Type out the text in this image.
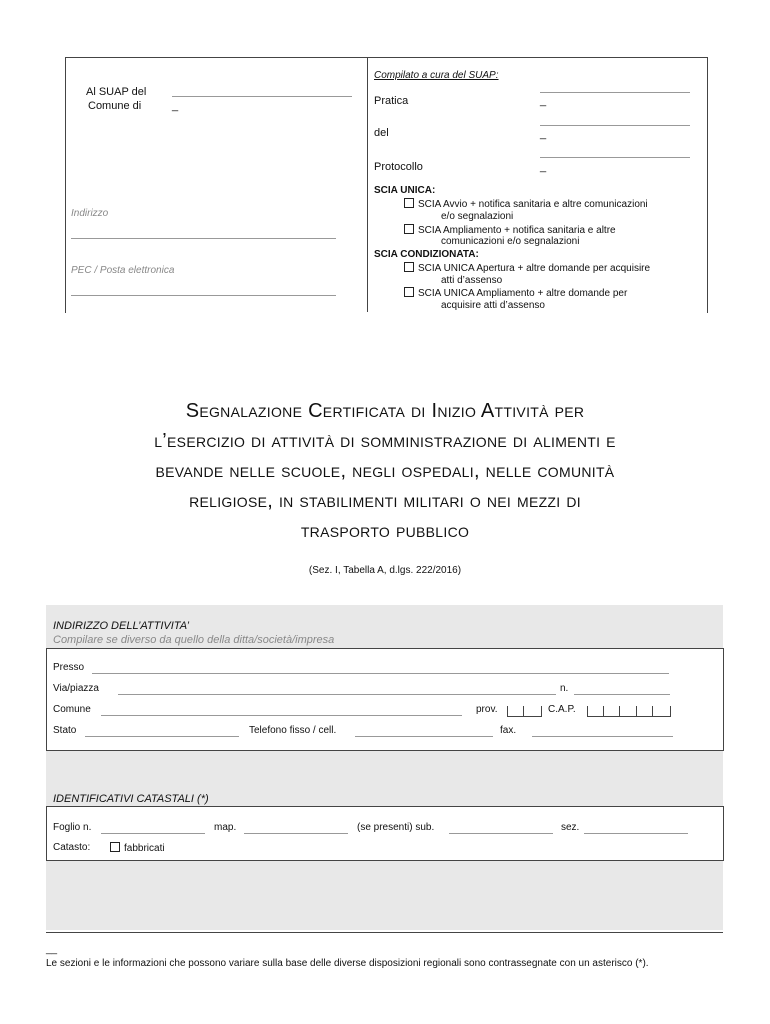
Al SUAP del
Comune di	_
Indirizzo
PEC / Posta elettronica
Compilato a cura del SUAP:
Pratica	_
del	_
Protocollo	_
SCIA UNICA:
SCIA Avvio + notifica sanitaria e altre comunicazioni
e/o segnalazioni
SCIA Ampliamento + notifica sanitaria e altre
comunicazioni e/o segnalazioni
SCIA CONDIZIONATA:
SCIA UNICA Apertura + altre domande per acquisire
atti d’assenso
SCIA UNICA Ampliamento + altre domande per
acquisire atti d’assenso
Segnalazione Certificata di Inizio Attività per
l’esercizio di attività di somministrazione di alimenti e
bevande nelle scuole, negli ospedali, nelle comunità
religiose, in stabilimenti militari o nei mezzi di
trasporto pubblico
(Sez. I, Tabella A, d.lgs. 222/2016)
INDIRIZZO DELL’ATTIVITA’
Compilare se diverso da quello della ditta/società/impresa
Presso
Via/piazza	n.
Comune	prov.	C.A.P.
Stato	Telefono fisso / cell.	fax.
IDENTIFICATIVI CATASTALI (*)
Foglio n.	map.	(se presenti) sub.	sez.
Catasto:	fabbricati
__
Le sezioni e le informazioni che possono variare sulla base delle diverse disposizioni regionali sono contrassegnate con un asterisco (*).
